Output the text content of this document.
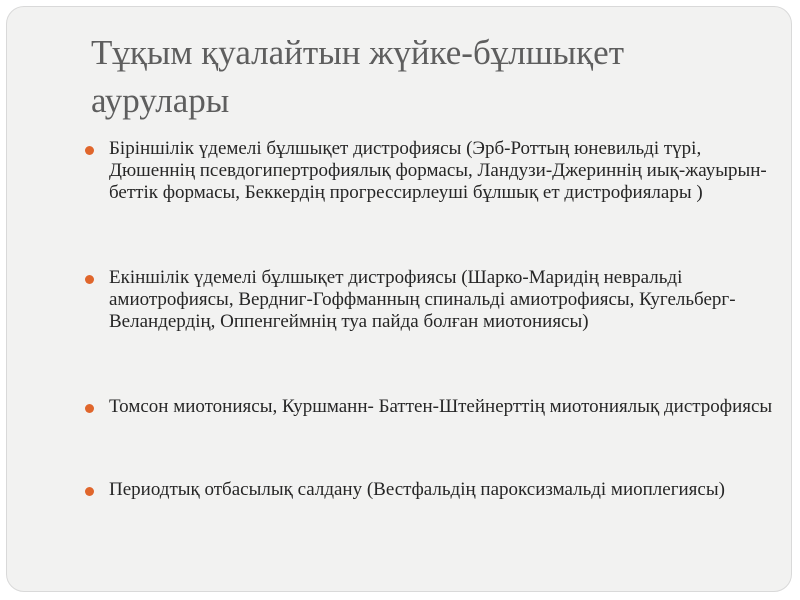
Тұқым қуалайтын жүйке-бұлшықет аурулары
Біріншілік үдемелі бұлшықет дистрофиясы (Эрб-Роттың юневильді түрі, Дюшеннің псевдогипертрофиялық формасы, Ландузи-Джериннің иық-жауырын-беттік формасы, Беккердің прогрессирлеуші бұлшық ет дистрофиялары )
Екіншілік үдемелі бұлшықет дистрофиясы (Шарко-Маридің невральді амиотрофиясы, Вердниг-Гоффманның спинальді амиотрофиясы, Кугельберг-Веландердің, Оппенгеймнің туа пайда болған миотониясы)
Томсон миотониясы, Куршманн- Баттен-Штейнерттің миотониялық дистрофиясы
Периодтық отбасылық салдану (Вестфальдің пароксизмальді миоплегиясы)
